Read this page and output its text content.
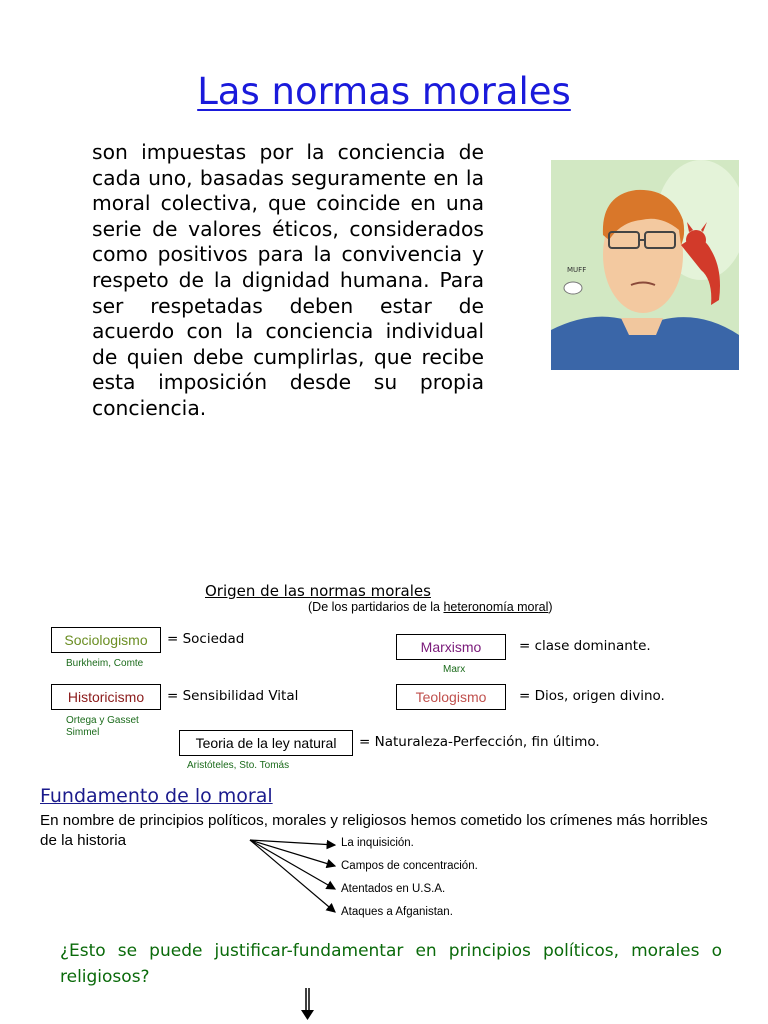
Las normas morales
son impuestas por la conciencia de cada uno, basadas seguramente en la moral colectiva, que coincide en una serie de valores éticos, considerados como positivos para la convivencia y respeto de la dignidad humana. Para ser respetadas deben estar de acuerdo con la conciencia individual de quien debe cumplirlas, que recibe esta imposición desde su propia conciencia.
MUFF
Origen de las normas morales
(De los partidarios de la heteronomía moral)
Sociologismo	= Sociedad
Burkheim, Comte
Historicismo	= Sensibilidad Vital
Ortega y Gasset
Simmel
Teoria de la ley natural	= Naturaleza-Perfección, fin último.
Aristóteles, Sto. Tomás
Marxismo	= clase dominante.
Marx
Teologismo	= Dios, origen divino.
Fundamento de lo moral
En nombre de principios políticos, morales y religiosos hemos cometido los crímenes más horribles de la historia	La inquisición.
Campos de concentración.
Atentados en U.S.A.
Ataques a Afganistan.
¿Esto se puede justificar-fundamentar en principios políticos, morales o religiosos?
